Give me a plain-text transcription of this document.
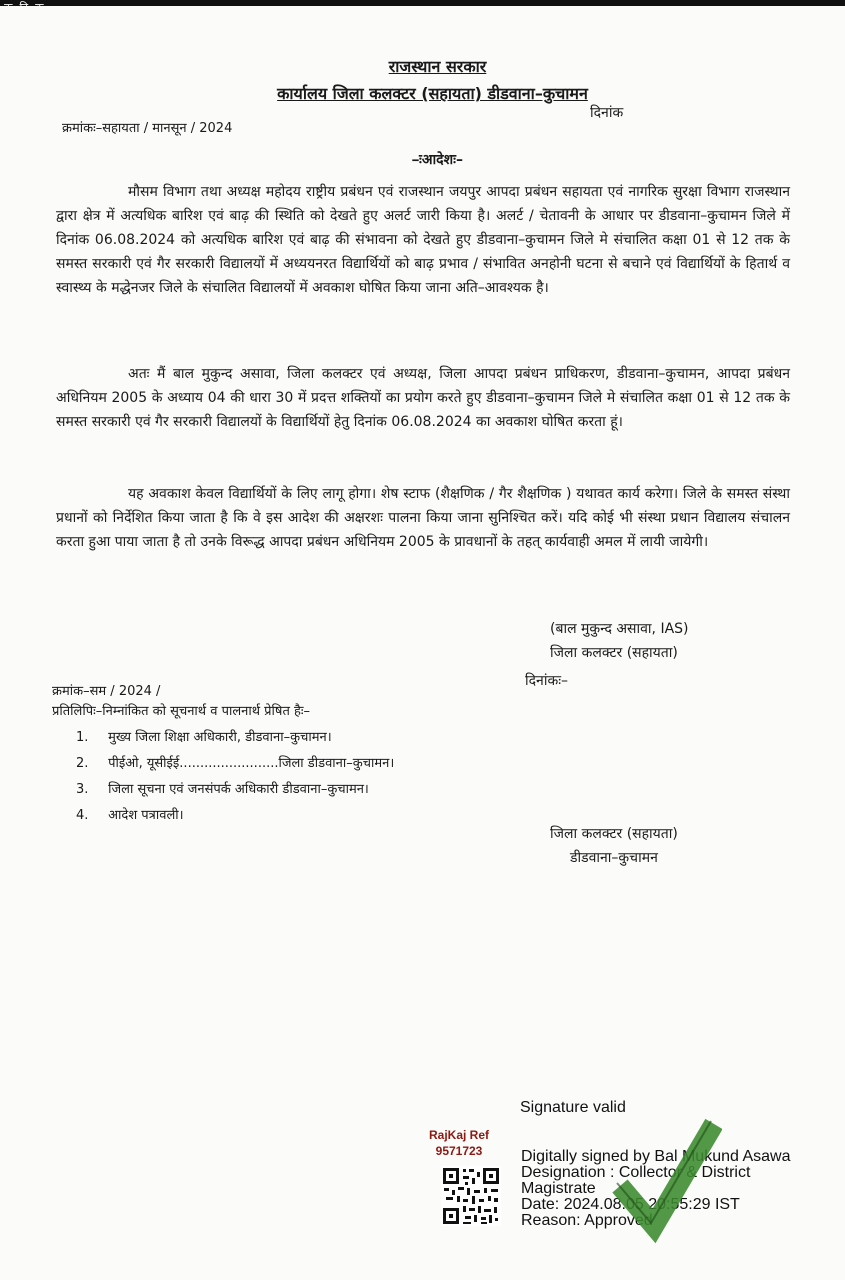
क्र. दि. क
राजस्थान सरकार
कार्यालय जिला कलक्टर (सहायता) डीडवाना–कुचामन
दिनांक
क्रमांकः–सहायता / मानसून / 2024
–ःआदेशः–

मौसम विभाग तथा अध्यक्ष महोदय राष्ट्रीय प्रबंधन एवं राजस्थान जयपुर आपदा प्रबंधन सहायता एवं नागरिक सुरक्षा विभाग राजस्थान द्वारा क्षेत्र में अत्यधिक बारिश एवं बाढ़ की स्थिति को देखते हुए अलर्ट जारी किया है। अलर्ट / चेतावनी के आधार पर डीडवाना–कुचामन जिले में दिनांक 06.08.2024 को अत्यधिक बारिश एवं बाढ़ की संभावना को देखते हुए डीडवाना–कुचामन जिले मे संचालित कक्षा 01 से 12 तक के समस्त सरकारी एवं गैर सरकारी विद्यालयों में अध्ययनरत विद्यार्थियों को बाढ़ प्रभाव / संभावित अनहोनी घटना से बचाने एवं विद्यार्थियों के हितार्थ व स्वास्थ्य के मद्धेनजर जिले के संचालित विद्यालयों में अवकाश घोषित किया जाना अति–आवश्यक है।

अतः मैं बाल मुकुन्द असावा, जिला कलक्टर एवं अध्यक्ष, जिला आपदा प्रबंधन प्राधिकरण, डीडवाना–कुचामन, आपदा प्रबंधन अधिनियम 2005 के अध्याय 04 की धारा 30 में प्रदत्त शक्तियों का प्रयोग करते हुए डीडवाना–कुचामन जिले मे संचालित कक्षा 01 से 12 तक के समस्त सरकारी एवं गैर सरकारी विद्यालयों के विद्यार्थियों हेतु दिनांक 06.08.2024 का अवकाश घोषित करता हूं।

यह अवकाश केवल विद्यार्थियों के लिए लागू होगा। शेष स्टाफ (शैक्षणिक / गैर शैक्षणिक ) यथावत कार्य करेगा। जिले के समस्त संस्था प्रधानों को निर्देशित किया जाता है कि वे इस आदेश की अक्षरशः पालना किया जाना सुनिश्चित करें। यदि कोई भी संस्था प्रधान विद्यालय संचालन करता हुआ पाया जाता है तो उनके विरूद्ध आपदा प्रबंधन अधिनियम 2005 के प्रावधानों के तहत् कार्यवाही अमल में लायी जायेगी।

(बाल मुकुन्द असावा, IAS)
जिला कलक्टर (सहायता)
दिनांकः–
क्रमांक–सम / 2024 /
प्रतिलिपिः–निम्नांकित को सूचनार्थ व पालनार्थ प्रेषित हैः–
1. मुख्य जिला शिक्षा अधिकारी, डीडवाना–कुचामन।
2. पीईओ, यूसीईई........................जिला डीडवाना–कुचामन।
3. जिला सूचना एवं जनसंपर्क अधिकारी डीडवाना–कुचामन।
4. आदेश पत्रावली।
जिला कलक्टर (सहायता)
डीडवाना–कुचामन
Signature valid
RajKaj Ref
9571723	Digitally signed by Bal Mukund Asawa
Designation : Collector & District
Magistrate
Date: 2024.08.05 20:55:29 IST
Reason: Approved
